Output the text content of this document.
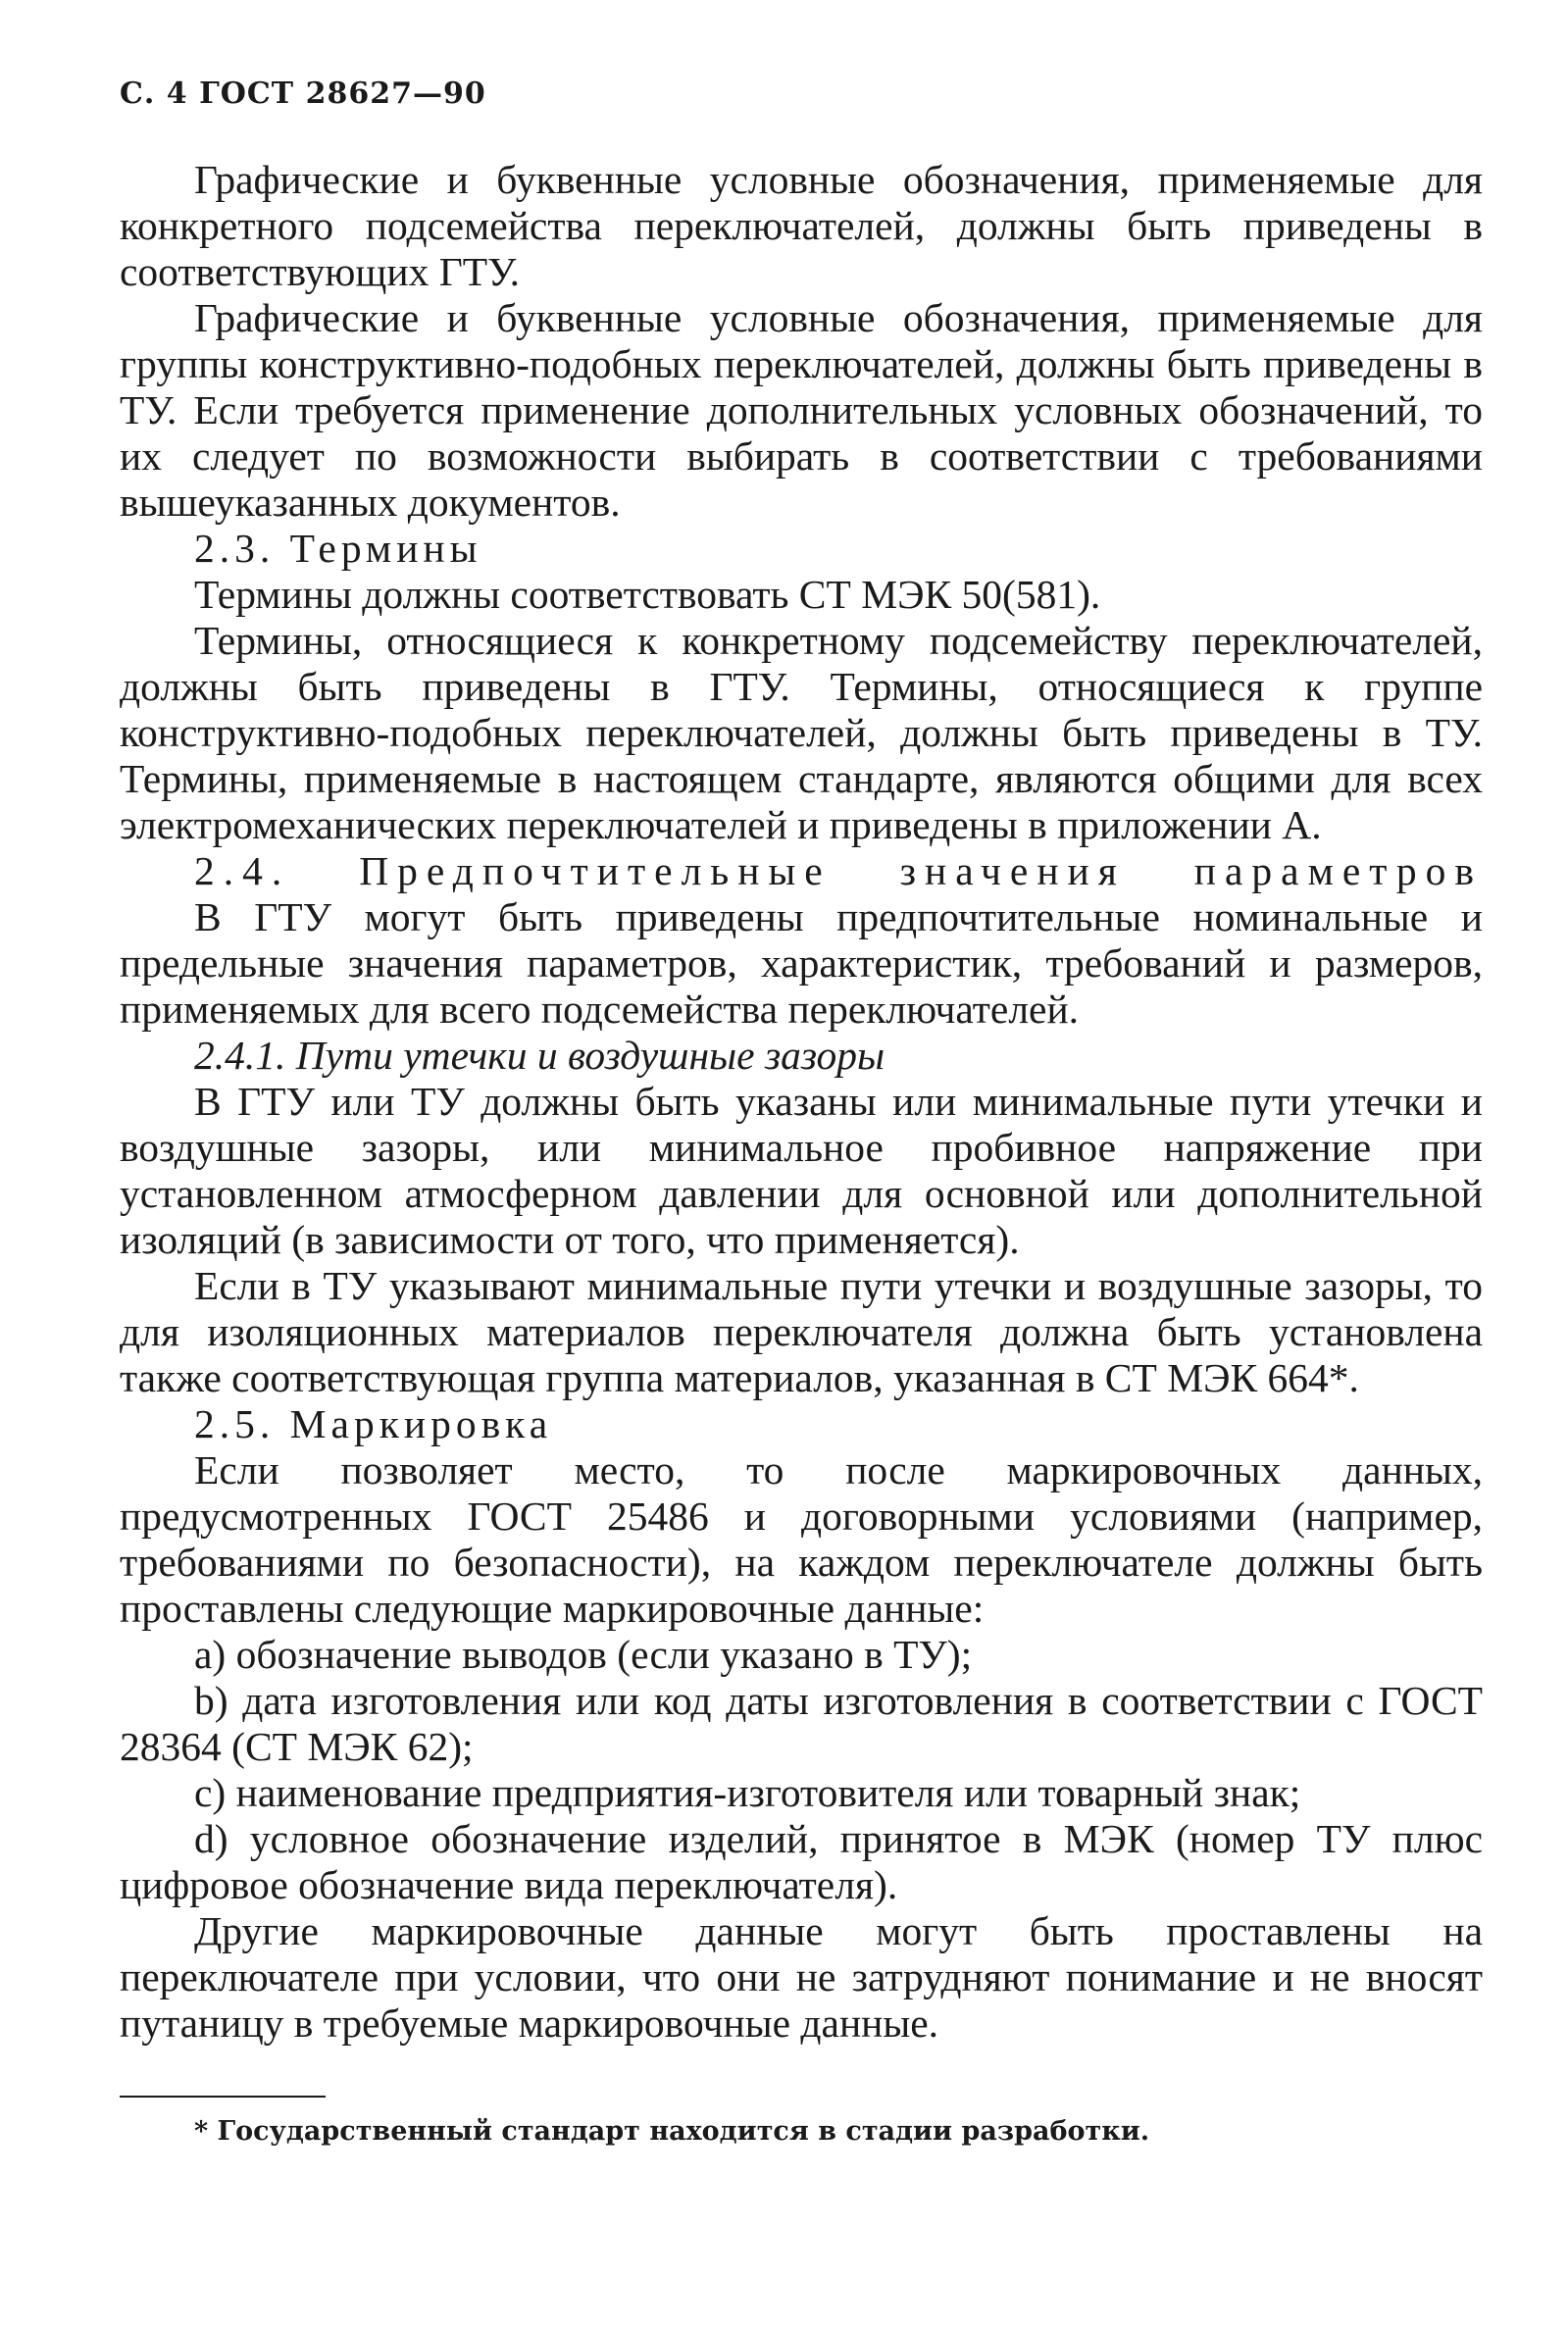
С. 4 ГОСТ 28627—90

Графические и буквенные условные обозначения, применяемые для конкретного подсемейства переключателей, должны быть приведены в соответствующих ГТУ.

Графические и буквенные условные обозначения, применяемые для группы конструктивно-подобных переключателей, должны быть приведены в ТУ. Если требуется применение дополнительных условных обозначений, то их следует по возможности выбирать в соответствии с требованиями вышеуказанных документов.

2.3. Термины

Термины должны соответствовать СТ МЭК 50(581).

Термины, относящиеся к конкретному подсемейству переключателей, должны быть приведены в ГТУ. Термины, относящиеся к группе конструктивно-подобных переключателей, должны быть приведены в ТУ. Термины, применяемые в настоящем стандарте, являются общими для всех электромеханических переключателей и приведены в приложении А.

2.4. Предпочтительные значения параметров

В ГТУ могут быть приведены предпочтительные номинальные и предельные значения параметров, характеристик, требований и размеров, применяемых для всего подсемейства переключателей.

2.4.1. Пути утечки и воздушные зазоры

В ГТУ или ТУ должны быть указаны или минимальные пути утечки и воздушные зазоры, или минимальное пробивное напряжение при установленном атмосферном давлении для основной или дополнительной изоляций (в зависимости от того, что применяется).

Если в ТУ указывают минимальные пути утечки и воздушные зазоры, то для изоляционных материалов переключателя должна быть установлена также соответствующая группа материалов, указанная в СТ МЭК 664*.

2.5. Маркировка

Если позволяет место, то после маркировочных данных, предусмотренных ГОСТ 25486 и договорными условиями (например, требованиями по безопасности), на каждом переключателе должны быть проставлены следующие маркировочные данные:

a) обозначение выводов (если указано в ТУ);

b) дата изготовления или код даты изготовления в соответствии с ГОСТ 28364 (СТ МЭК 62);

c) наименование предприятия-изготовителя или товарный знак;

d) условное обозначение изделий, принятое в МЭК (номер ТУ плюс цифровое обозначение вида переключателя).

Другие маркировочные данные могут быть проставлены на переключателе при условии, что они не затрудняют понимание и не вносят путаницу в требуемые маркировочные данные.

* Государственный стандарт находится в стадии разработки.
